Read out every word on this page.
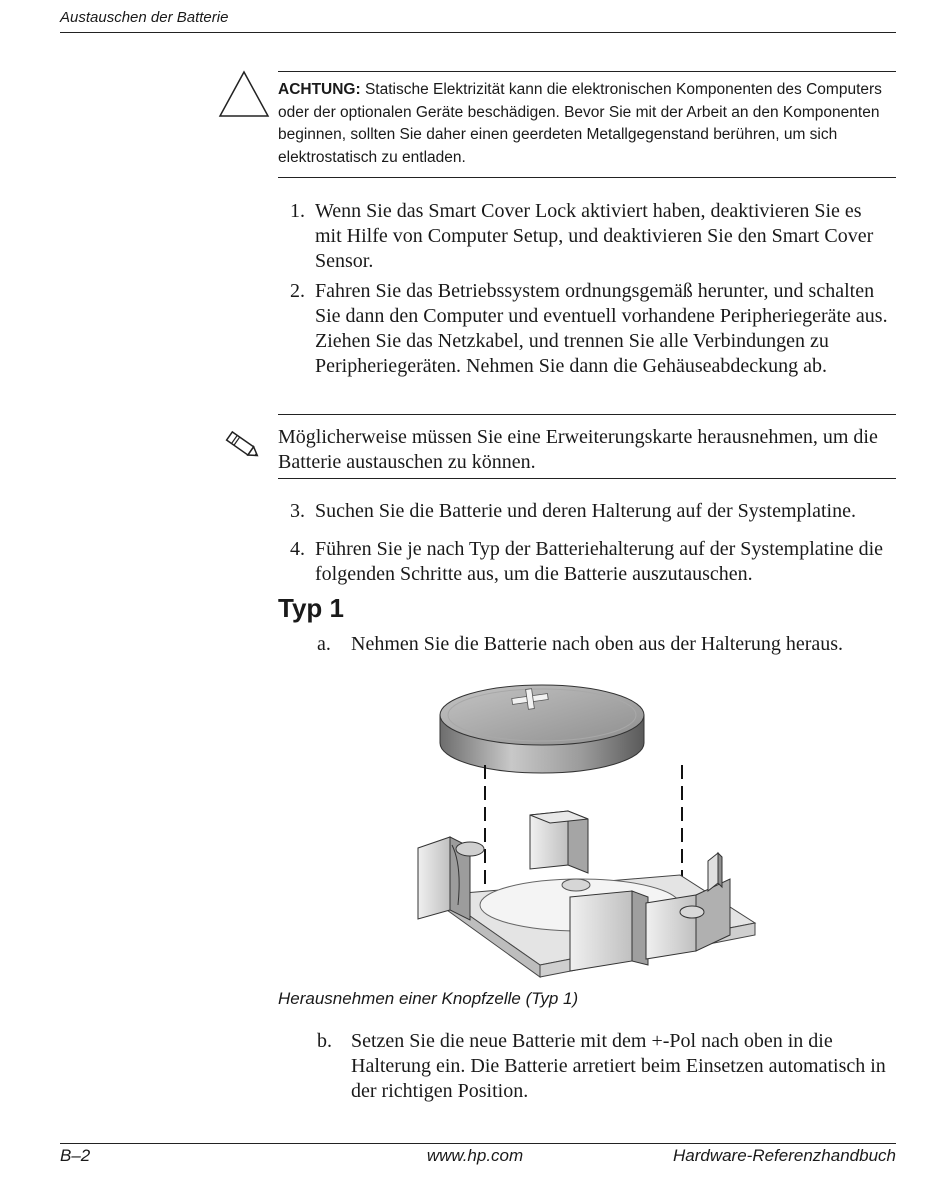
Austauschen der Batterie
ACHTUNG: Statische Elektrizität kann die elektronischen Komponenten des Computers oder der optionalen Geräte beschädigen. Bevor Sie mit der Arbeit an den Komponenten beginnen, sollten Sie daher einen geerdeten Metallgegenstand berühren, um sich elektrostatisch zu entladen.
1. Wenn Sie das Smart Cover Lock aktiviert haben, deaktivieren Sie es mit Hilfe von Computer Setup, und deaktivieren Sie den Smart Cover Sensor.
2. Fahren Sie das Betriebssystem ordnungsgemäß herunter, und schalten Sie dann den Computer und eventuell vorhandene Peripheriegeräte aus. Ziehen Sie das Netzkabel, und trennen Sie alle Verbindungen zu Peripheriegeräten. Nehmen Sie dann die Gehäuseabdeckung ab.
Möglicherweise müssen Sie eine Erweiterungskarte herausnehmen, um die Batterie austauschen zu können.
3. Suchen Sie die Batterie und deren Halterung auf der Systemplatine.
4. Führen Sie je nach Typ der Batteriehalterung auf der Systemplatine die folgenden Schritte aus, um die Batterie auszutauschen.
Typ 1
a. Nehmen Sie die Batterie nach oben aus der Halterung heraus.
Herausnehmen einer Knopfzelle (Typ 1)
b. Setzen Sie die neue Batterie mit dem +-Pol nach oben in die Halterung ein. Die Batterie arretiert beim Einsetzen automatisch in der richtigen Position.
B–2	www.hp.com	Hardware-Referenzhandbuch
